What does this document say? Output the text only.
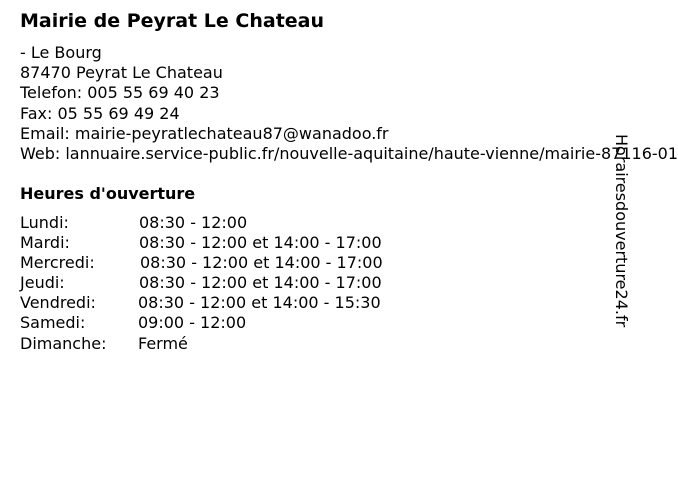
Mairie de Peyrat Le Chateau
- Le Bourg
87470 Peyrat Le Chateau
Telefon: 005 55 69 40 23
Fax: 05 55 69 49 24
Email: mairie-peyratlechateau87@wanadoo.fr
Web: lannuaire.service-public.fr/nouvelle-aquitaine/haute-vienne/mairie-87116-01
Heures d'ouverture
Lundi:	08:30 - 12:00
Mardi:	08:30 - 12:00 et 14:00 - 17:00
Mercredi:	08:30 - 12:00 et 14:00 - 17:00
Jeudi:	08:30 - 12:00 et 14:00 - 17:00
Vendredi:	08:30 - 12:00 et 14:00 - 15:30
Samedi:	09:00 - 12:00
Dimanche: Fermé
Horairesdouverture24.fr
